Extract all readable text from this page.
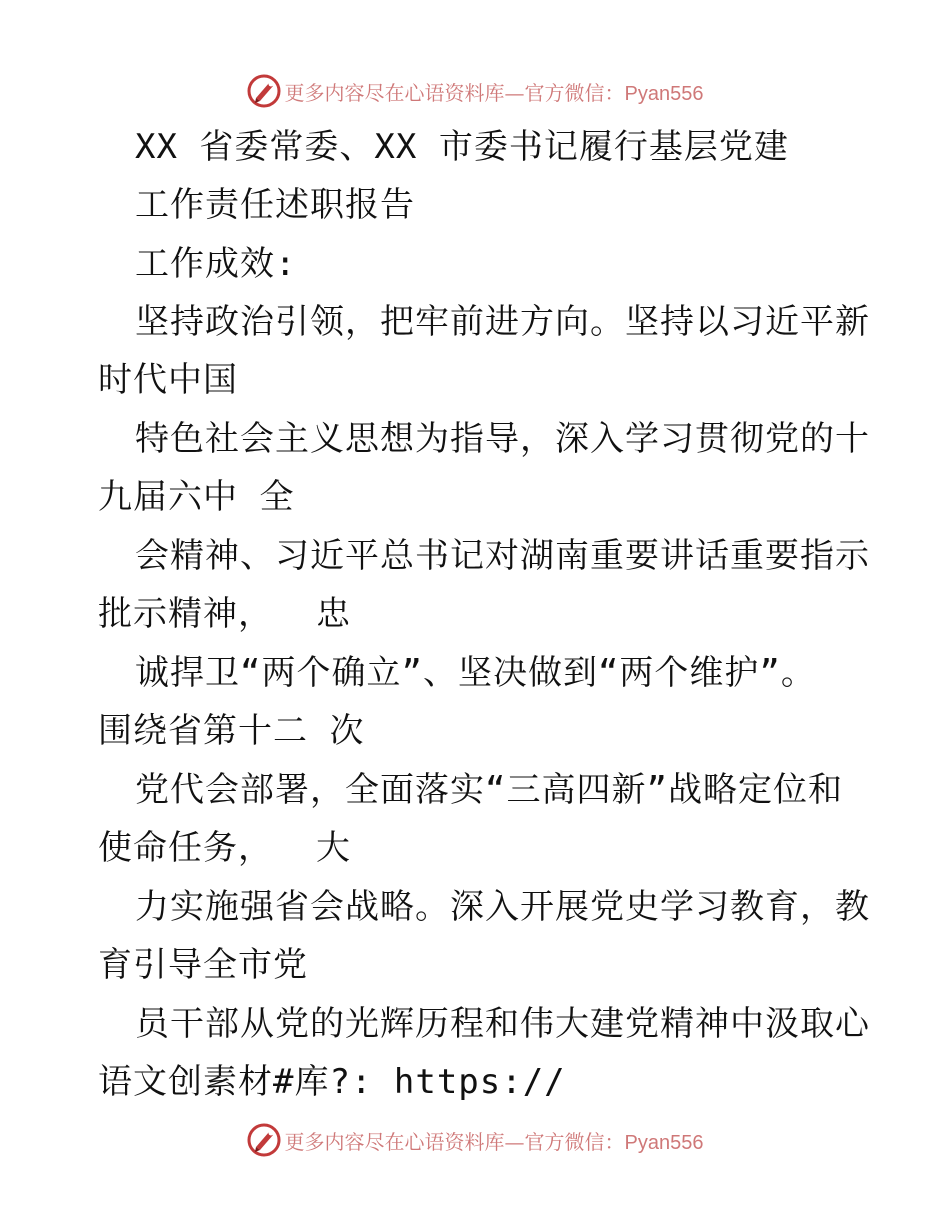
更多内容尽在心语资料库—官方微信：Pyan556
XX 省委常委、XX 市委书记履行基层党建
工作责任述职报告
工作成效:
坚持政治引领，把牢前进方向。坚持以习近平新
时代中国
特色社会主义思想为指导，深入学习贯彻党的十
九届六中 全
会精神、习近平总书记对湖南重要讲话重要指示
批示精神，  忠
诚捍卫“两个确立”、坚决做到“两个维护”。
围绕省第十二 次
党代会部署，全面落实“三高四新”战略定位和
使命任务，  大
力实施强省会战略。深入开展党史学习教育，教
育引导全市党
员干部从党的光辉历程和伟大建党精神中汲取心
语文创素材#库?: https://
更多内容尽在心语资料库—官方微信：Pyan556
